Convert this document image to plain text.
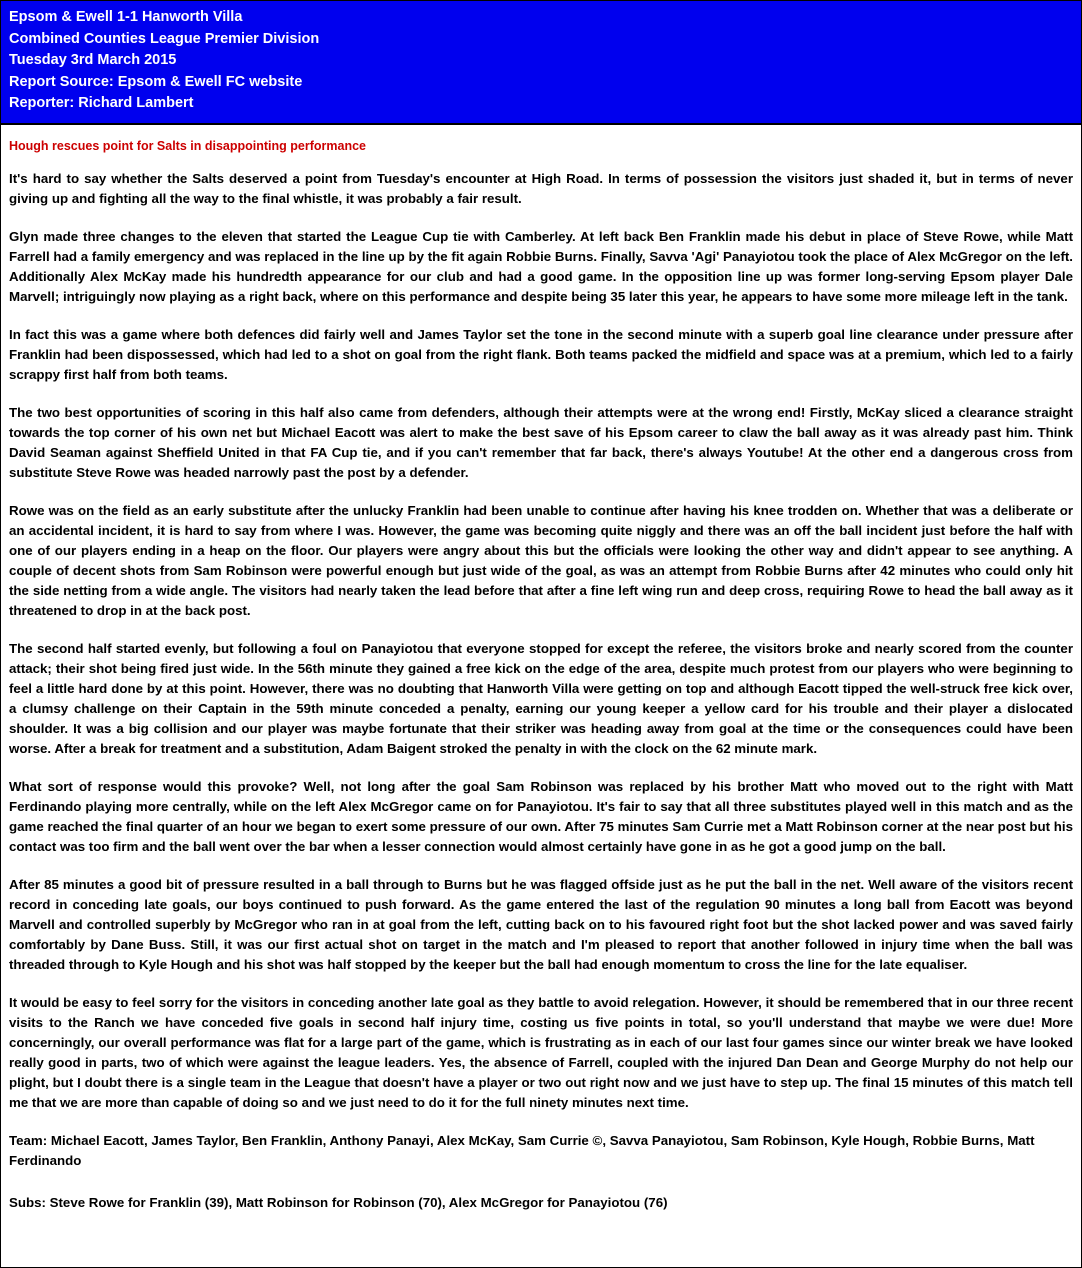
Epsom & Ewell 1-1 Hanworth Villa
Combined Counties League Premier Division
Tuesday 3rd March 2015
Report Source: Epsom & Ewell FC website
Reporter: Richard Lambert

Hough rescues point for Salts in disappointing performance

It's hard to say whether the Salts deserved a point from Tuesday's encounter at High Road. In terms of possession the visitors just shaded it, but in terms of never giving up and fighting all the way to the final whistle, it was probably a fair result.

Glyn made three changes to the eleven that started the League Cup tie with Camberley. At left back Ben Franklin made his debut in place of Steve Rowe, while Matt Farrell had a family emergency and was replaced in the line up by the fit again Robbie Burns. Finally, Savva 'Agi' Panayiotou took the place of Alex McGregor on the left. Additionally Alex McKay made his hundredth appearance for our club and had a good game. In the opposition line up was former long-serving Epsom player Dale Marvell; intriguingly now playing as a right back, where on this performance and despite being 35 later this year, he appears to have some more mileage left in the tank.

In fact this was a game where both defences did fairly well and James Taylor set the tone in the second minute with a superb goal line clearance under pressure after Franklin had been dispossessed, which had led to a shot on goal from the right flank. Both teams packed the midfield and space was at a premium, which led to a fairly scrappy first half from both teams.

The two best opportunities of scoring in this half also came from defenders, although their attempts were at the wrong end! Firstly, McKay sliced a clearance straight towards the top corner of his own net but Michael Eacott was alert to make the best save of his Epsom career to claw the ball away as it was already past him. Think David Seaman against Sheffield United in that FA Cup tie, and if you can't remember that far back, there's always Youtube! At the other end a dangerous cross from substitute Steve Rowe was headed narrowly past the post by a defender.

Rowe was on the field as an early substitute after the unlucky Franklin had been unable to continue after having his knee trodden on. Whether that was a deliberate or an accidental incident, it is hard to say from where I was. However, the game was becoming quite niggly and there was an off the ball incident just before the half with one of our players ending in a heap on the floor. Our players were angry about this but the officials were looking the other way and didn't appear to see anything. A couple of decent shots from Sam Robinson were powerful enough but just wide of the goal, as was an attempt from Robbie Burns after 42 minutes who could only hit the side netting from a wide angle. The visitors had nearly taken the lead before that after a fine left wing run and deep cross, requiring Rowe to head the ball away as it threatened to drop in at the back post.

The second half started evenly, but following a foul on Panayiotou that everyone stopped for except the referee, the visitors broke and nearly scored from the counter attack; their shot being fired just wide. In the 56th minute they gained a free kick on the edge of the area, despite much protest from our players who were beginning to feel a little hard done by at this point. However, there was no doubting that Hanworth Villa were getting on top and although Eacott tipped the well-struck free kick over, a clumsy challenge on their Captain in the 59th minute conceded a penalty, earning our young keeper a yellow card for his trouble and their player a dislocated shoulder. It was a big collision and our player was maybe fortunate that their striker was heading away from goal at the time or the consequences could have been worse. After a break for treatment and a substitution, Adam Baigent stroked the penalty in with the clock on the 62 minute mark.

What sort of response would this provoke? Well, not long after the goal Sam Robinson was replaced by his brother Matt who moved out to the right with Matt Ferdinando playing more centrally, while on the left Alex McGregor came on for Panayiotou. It's fair to say that all three substitutes played well in this match and as the game reached the final quarter of an hour we began to exert some pressure of our own. After 75 minutes Sam Currie met a Matt Robinson corner at the near post but his contact was too firm and the ball went over the bar when a lesser connection would almost certainly have gone in as he got a good jump on the ball.

After 85 minutes a good bit of pressure resulted in a ball through to Burns but he was flagged offside just as he put the ball in the net. Well aware of the visitors recent record in conceding late goals, our boys continued to push forward. As the game entered the last of the regulation 90 minutes a long ball from Eacott was beyond Marvell and controlled superbly by McGregor who ran in at goal from the left, cutting back on to his favoured right foot but the shot lacked power and was saved fairly comfortably by Dane Buss. Still, it was our first actual shot on target in the match and I'm pleased to report that another followed in injury time when the ball was threaded through to Kyle Hough and his shot was half stopped by the keeper but the ball had enough momentum to cross the line for the late equaliser.

It would be easy to feel sorry for the visitors in conceding another late goal as they battle to avoid relegation. However, it should be remembered that in our three recent visits to the Ranch we have conceded five goals in second half injury time, costing us five points in total, so you'll understand that maybe we were due! More concerningly, our overall performance was flat for a large part of the game, which is frustrating as in each of our last four games since our winter break we have looked really good in parts, two of which were against the league leaders. Yes, the absence of Farrell, coupled with the injured Dan Dean and George Murphy do not help our plight, but I doubt there is a single team in the League that doesn't have a player or two out right now and we just have to step up. The final 15 minutes of this match tell me that we are more than capable of doing so and we just need to do it for the full ninety minutes next time.

Team: Michael Eacott, James Taylor, Ben Franklin, Anthony Panayi, Alex McKay, Sam Currie ©, Savva Panayiotou, Sam Robinson, Kyle Hough, Robbie Burns, Matt Ferdinando

Subs: Steve Rowe for Franklin (39), Matt Robinson for Robinson (70), Alex McGregor for Panayiotou (76)
